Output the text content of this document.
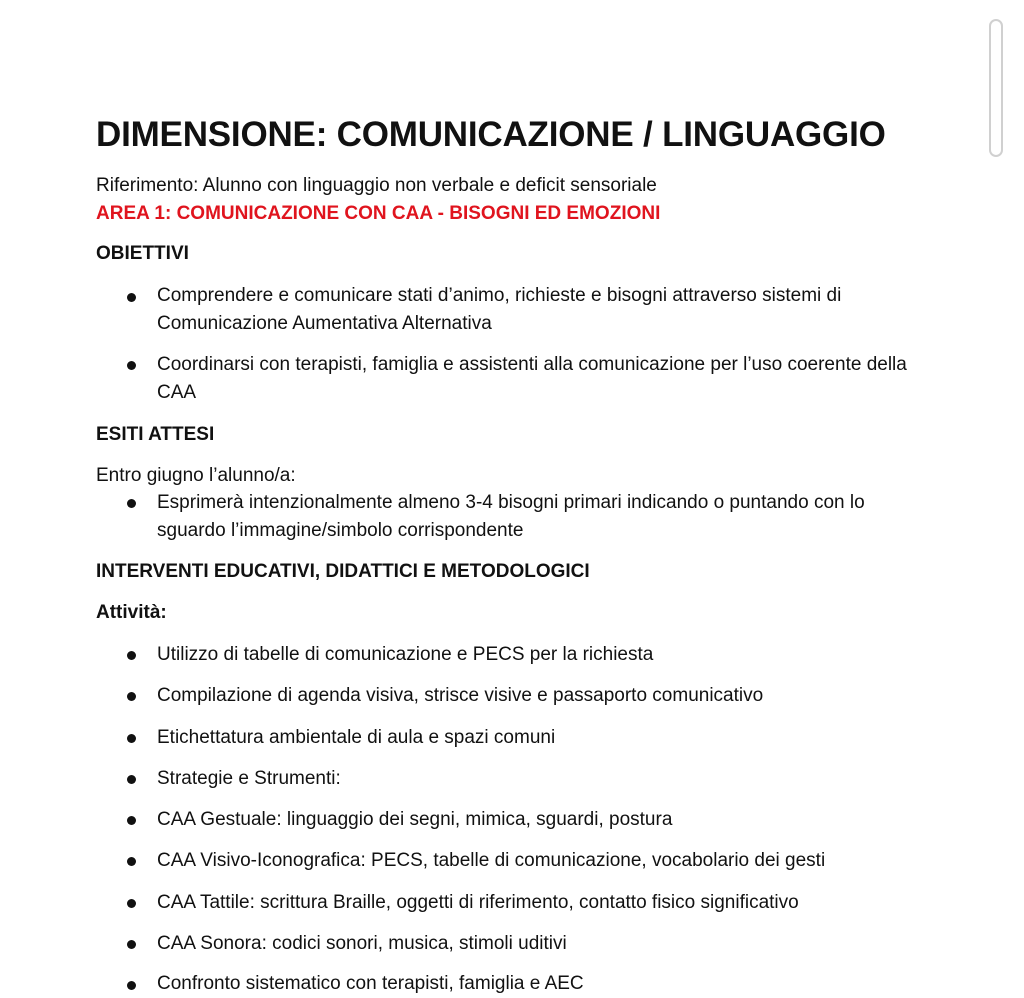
DIMENSIONE: COMUNICAZIONE / LINGUAGGIO
Riferimento: Alunno con linguaggio non verbale e deficit sensoriale
AREA 1: COMUNICAZIONE CON CAA - BISOGNI ED EMOZIONI
OBIETTIVI
Comprendere e comunicare stati d’animo, richieste e bisogni attraverso sistemi di Comunicazione Aumentativa Alternativa
Coordinarsi con terapisti, famiglia e assistenti alla comunicazione per l’uso coerente della CAA
ESITI ATTESI
Entro giugno l’alunno/a:
Esprimerà intenzionalmente almeno 3-4 bisogni primari indicando o puntando con lo sguardo l’immagine/simbolo corrispondente
INTERVENTI EDUCATIVI, DIDATTICI E METODOLOGICI
Attività:
Utilizzo di tabelle di comunicazione e PECS per la richiesta
Compilazione di agenda visiva, strisce visive e passaporto comunicativo
Etichettatura ambientale di aula e spazi comuni
Strategie e Strumenti:
CAA Gestuale: linguaggio dei segni, mimica, sguardi, postura
CAA Visivo-Iconografica: PECS, tabelle di comunicazione, vocabolario dei gesti
CAA Tattile: scrittura Braille, oggetti di riferimento, contatto fisico significativo
CAA Sonora: codici sonori, musica, stimoli uditivi
Confronto sistematico con terapisti, famiglia e AEC
